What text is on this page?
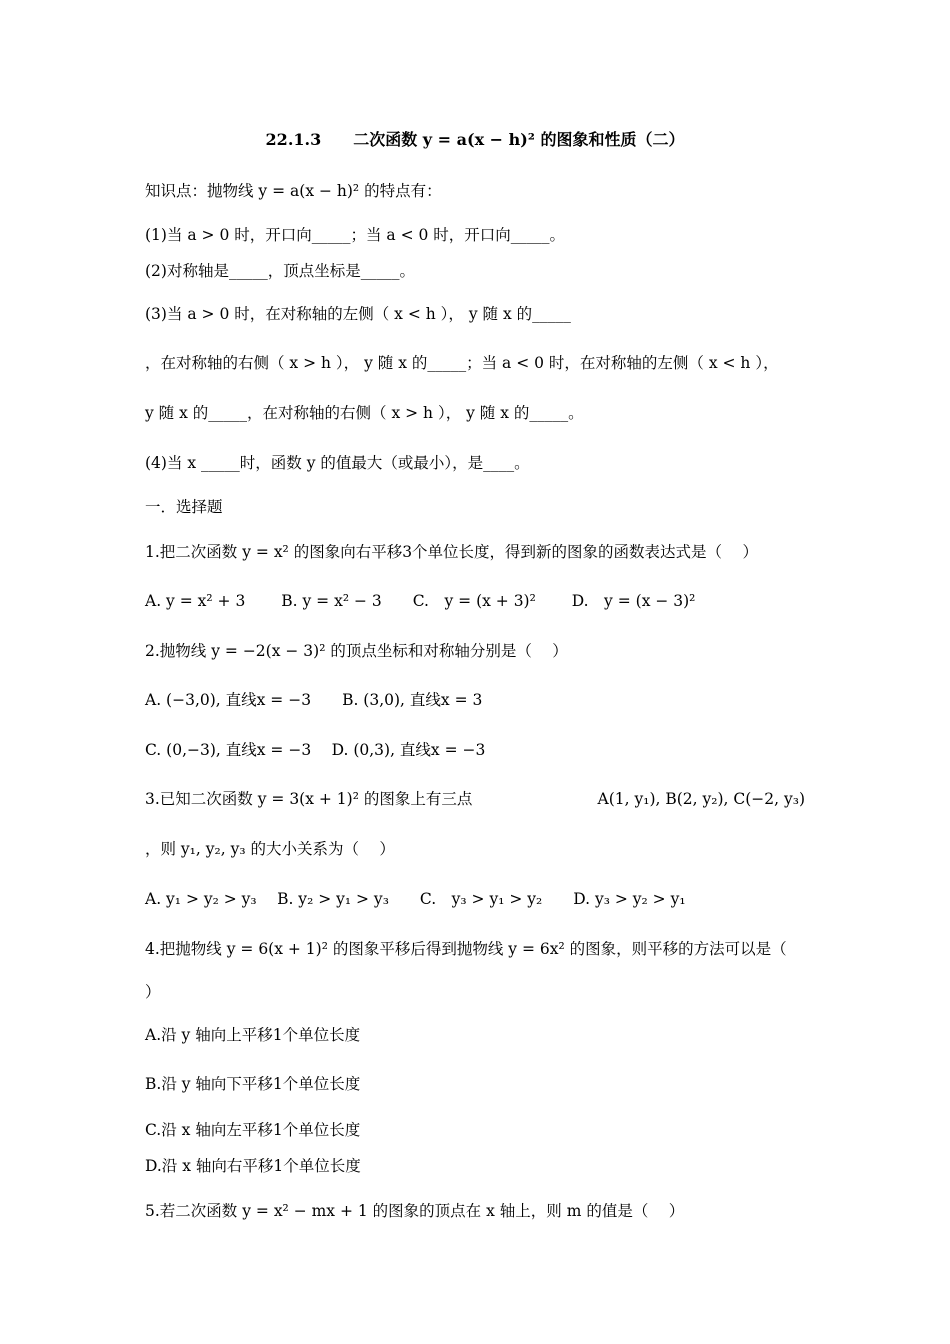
22.1.3　　二次函数 y = a(x − h)² 的图象和性质（二）
知识点：抛物线 y = a(x − h)² 的特点有：
(1)当 a > 0 时，开口向_____；当 a < 0 时，开口向_____。
(2)对称轴是_____，顶点坐标是_____。
(3)当 a > 0 时，在对称轴的左侧（ x < h ）， y 随 x 的_____
，在对称轴的右侧（ x > h ）， y 随 x 的_____；当 a < 0 时，在对称轴的左侧（ x < h ），
y 随 x 的_____，在对称轴的右侧（ x > h ）， y 随 x 的_____。
(4)当 x _____时，函数 y 的值最大（或最小），是____。
一．选择题
1.把二次函数 y = x² 的图象向右平移3个单位长度，得到新的图象的函数表达式是（　 ）
A. y = x² + 3　　 B. y = x² − 3　　C.　y = (x + 3)²　　 D.　y = (x − 3)²
2.抛物线 y = −2(x − 3)² 的顶点坐标和对称轴分别是（　 ）
A. (−3,0), 直线x = −3　　B. (3,0), 直线x = 3
C. (0,−3), 直线x = −3　 D. (0,3), 直线x = −3
3.已知二次函数 y = 3(x + 1)² 的图象上有三点	A(1, y₁), B(2, y₂), C(−2, y₃)
，则 y₁, y₂, y₃ 的大小关系为（　 ）
A. y₁ > y₂ > y₃　 B. y₂ > y₁ > y₃　　C.　y₃ > y₁ > y₂　　D. y₃ > y₂ > y₁
4.把抛物线 y = 6(x + 1)² 的图象平移后得到抛物线 y = 6x² 的图象，则平移的方法可以是（
）
A.沿 y 轴向上平移1个单位长度
B.沿 y 轴向下平移1个单位长度
C.沿 x 轴向左平移1个单位长度
D.沿 x 轴向右平移1个单位长度
5.若二次函数 y = x² − mx + 1 的图象的顶点在 x 轴上，则 m 的值是（　 ）
